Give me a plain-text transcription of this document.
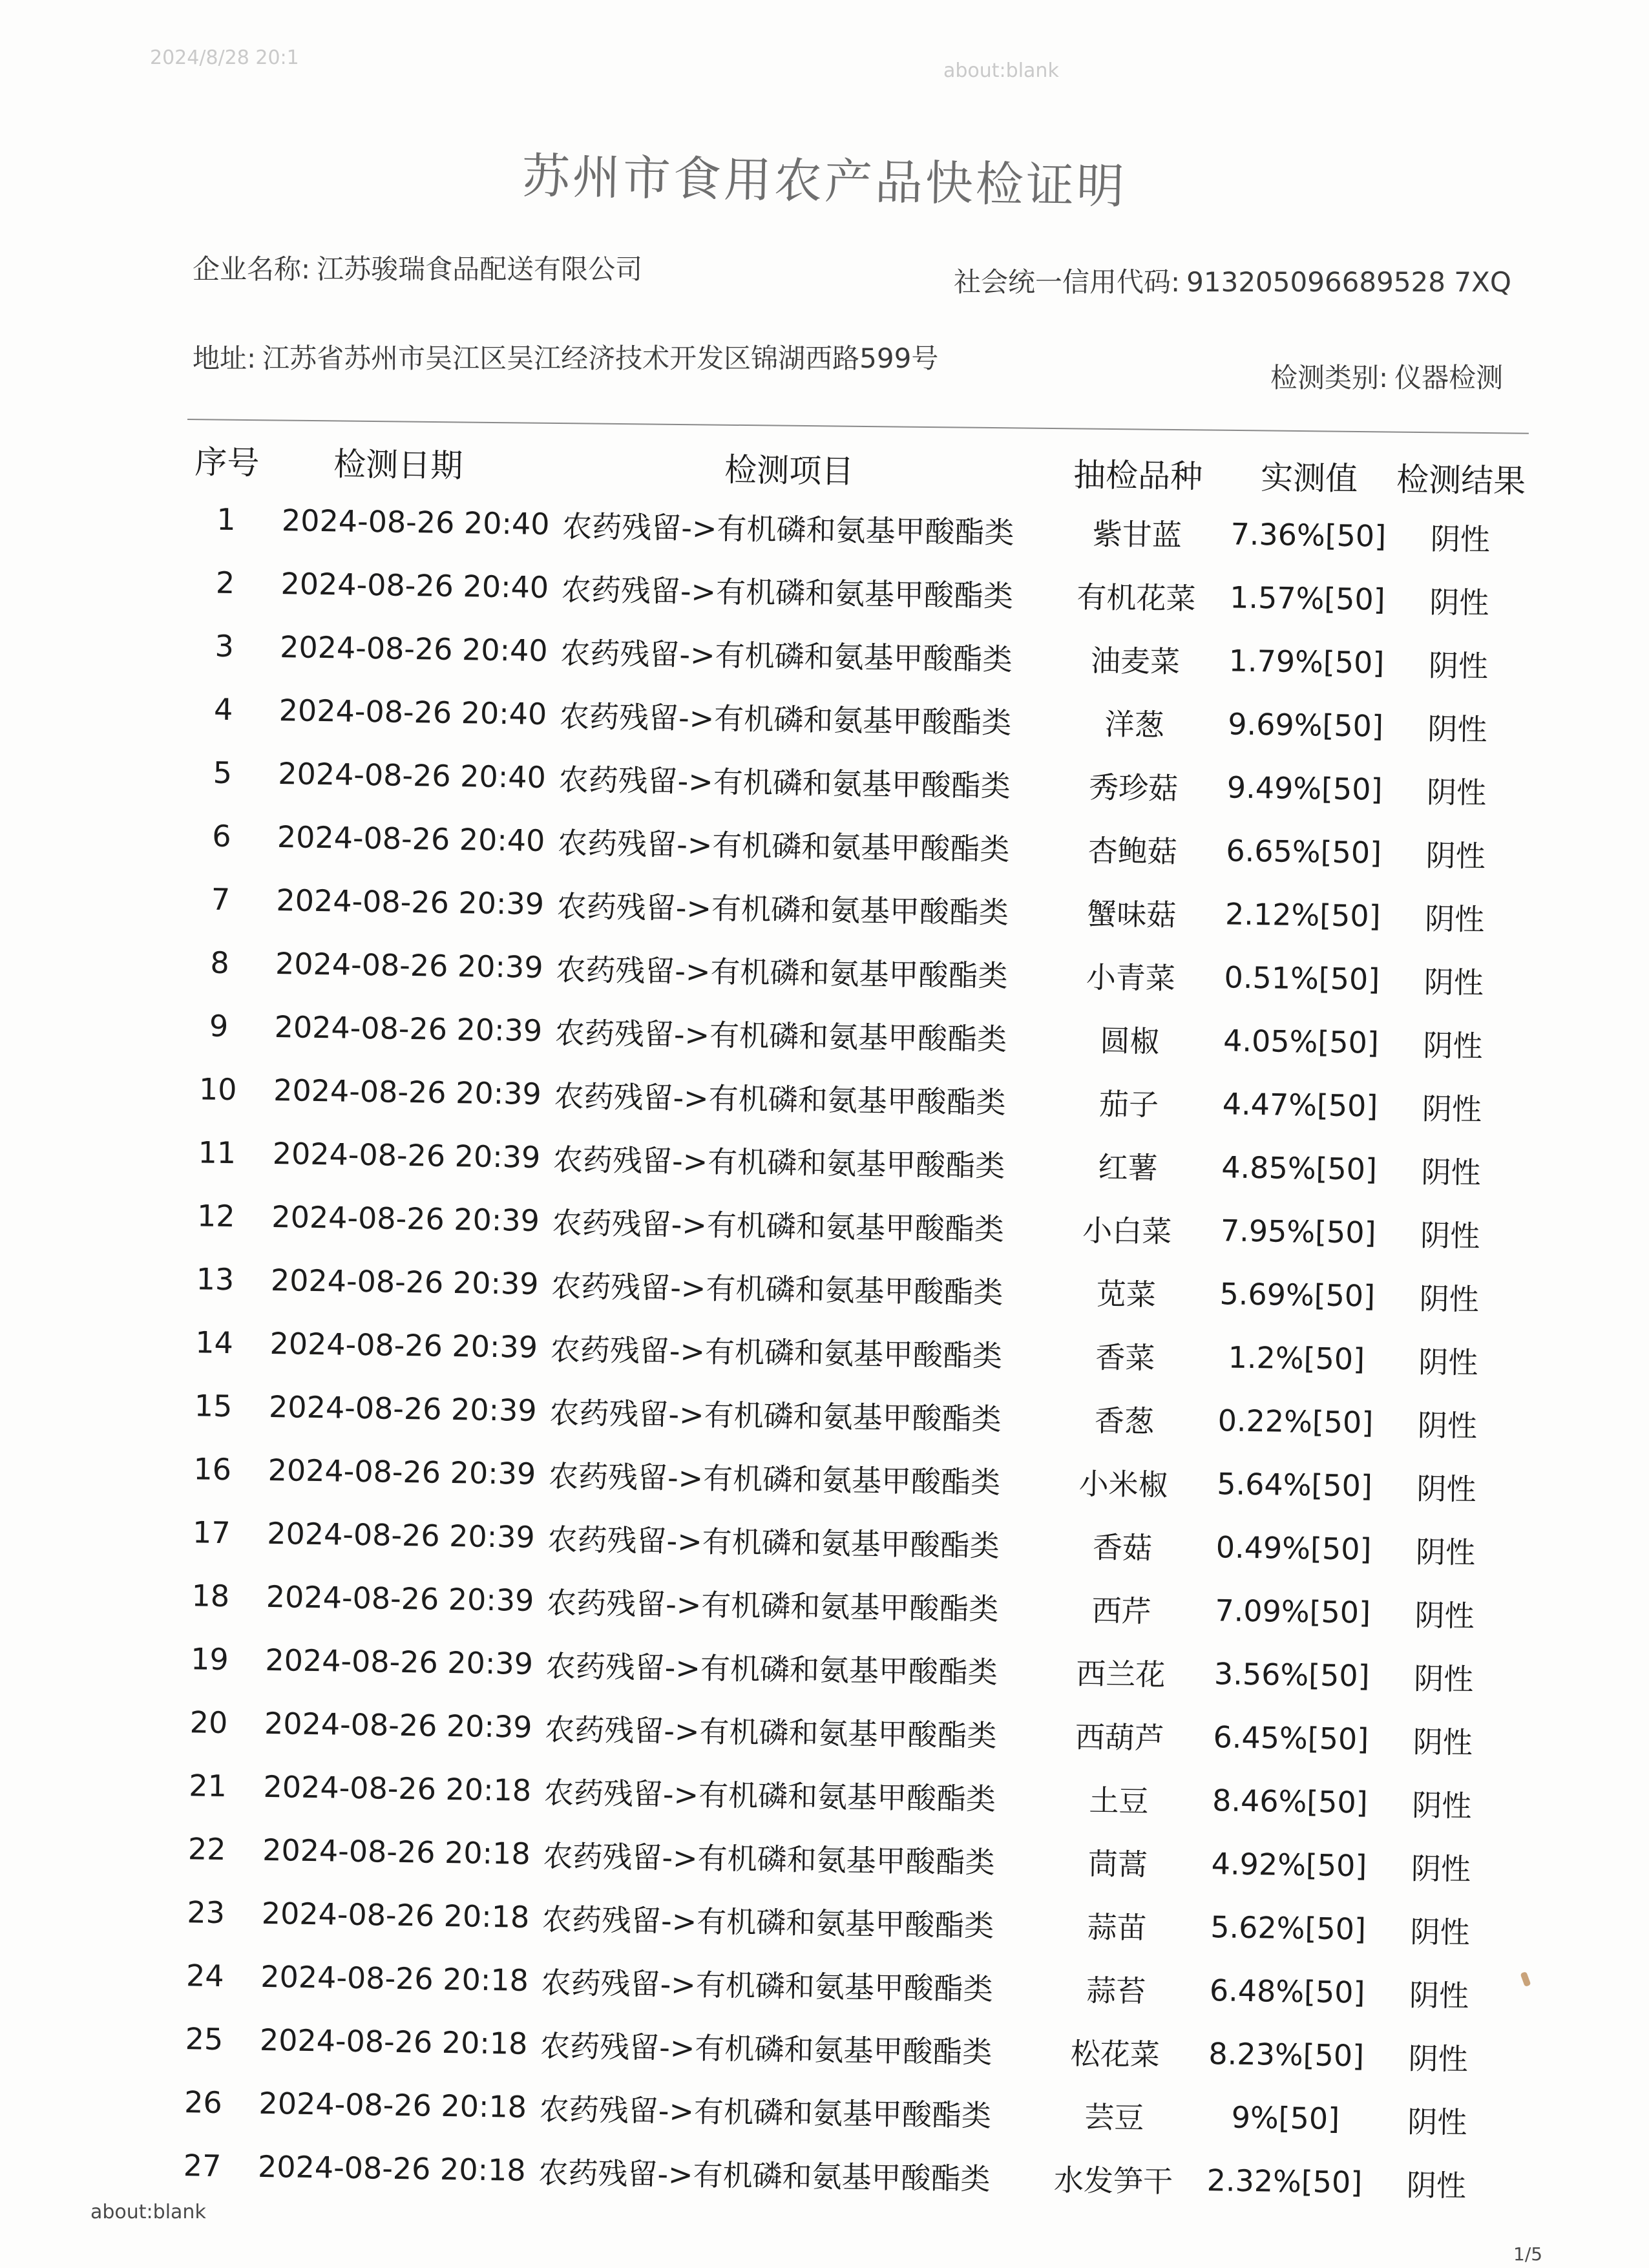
2024/8/28 20:1
about:blank
苏州市食用农产品快检证明
企业名称: 江苏骏瑞食品配送有限公司	社会统一信用代码: 913205096689528 7XQ
地址: 江苏省苏州市吴江区吴江经济技术开发区锦湖西路599号
检测类别: 仪器检测
序号	检测日期	检测项目	抽检品种	实测值	检测结果
1	2024-08-26 20:40 农药残留->有机磷和氨基甲酸酯类	紫甘蓝	7.36%[50]	阴性
2	2024-08-26 20:40 农药残留->有机磷和氨基甲酸酯类	有机花菜	1.57%[50]	阴性
3	2024-08-26 20:40 农药残留->有机磷和氨基甲酸酯类	油麦菜	1.79%[50]	阴性
4	2024-08-26 20:40 农药残留->有机磷和氨基甲酸酯类	洋葱	9.69%[50]	阴性
5	2024-08-26 20:40 农药残留->有机磷和氨基甲酸酯类	秀珍菇	9.49%[50]	阴性
6	2024-08-26 20:40 农药残留->有机磷和氨基甲酸酯类	杏鲍菇	6.65%[50]	阴性
7	2024-08-26 20:39 农药残留->有机磷和氨基甲酸酯类	蟹味菇	2.12%[50]	阴性
8	2024-08-26 20:39 农药残留->有机磷和氨基甲酸酯类	小青菜	0.51%[50]	阴性
9	2024-08-26 20:39 农药残留->有机磷和氨基甲酸酯类	圆椒	4.05%[50]	阴性
10	2024-08-26 20:39 农药残留->有机磷和氨基甲酸酯类	茄子	4.47%[50]	阴性
11	2024-08-26 20:39 农药残留->有机磷和氨基甲酸酯类	红薯	4.85%[50]	阴性
12	2024-08-26 20:39 农药残留->有机磷和氨基甲酸酯类	小白菜	7.95%[50]	阴性
13	2024-08-26 20:39 农药残留->有机磷和氨基甲酸酯类	苋菜	5.69%[50]	阴性
14	2024-08-26 20:39 农药残留->有机磷和氨基甲酸酯类	香菜	1.2%[50]	阴性
15	2024-08-26 20:39 农药残留->有机磷和氨基甲酸酯类	香葱	0.22%[50]	阴性
16	2024-08-26 20:39 农药残留->有机磷和氨基甲酸酯类	小米椒	5.64%[50]	阴性
17	2024-08-26 20:39 农药残留->有机磷和氨基甲酸酯类	香菇	0.49%[50]	阴性
18	2024-08-26 20:39 农药残留->有机磷和氨基甲酸酯类	西芹	7.09%[50]	阴性
19	2024-08-26 20:39 农药残留->有机磷和氨基甲酸酯类	西兰花	3.56%[50]	阴性
20	2024-08-26 20:39 农药残留->有机磷和氨基甲酸酯类	西葫芦	6.45%[50]	阴性
21	2024-08-26 20:18 农药残留->有机磷和氨基甲酸酯类	土豆	8.46%[50]	阴性
22	2024-08-26 20:18 农药残留->有机磷和氨基甲酸酯类	茼蒿	4.92%[50]	阴性
23	2024-08-26 20:18 农药残留->有机磷和氨基甲酸酯类	蒜苗	5.62%[50]	阴性
24	2024-08-26 20:18 农药残留->有机磷和氨基甲酸酯类	蒜苔	6.48%[50]	阴性
25	2024-08-26 20:18 农药残留->有机磷和氨基甲酸酯类	松花菜	8.23%[50]	阴性
26	2024-08-26 20:18 农药残留->有机磷和氨基甲酸酯类	芸豆	9%[50]	阴性
27	2024-08-26 20:18 农药残留->有机磷和氨基甲酸酯类	水发笋干	2.32%[50]	阴性
about:blank
1/5
